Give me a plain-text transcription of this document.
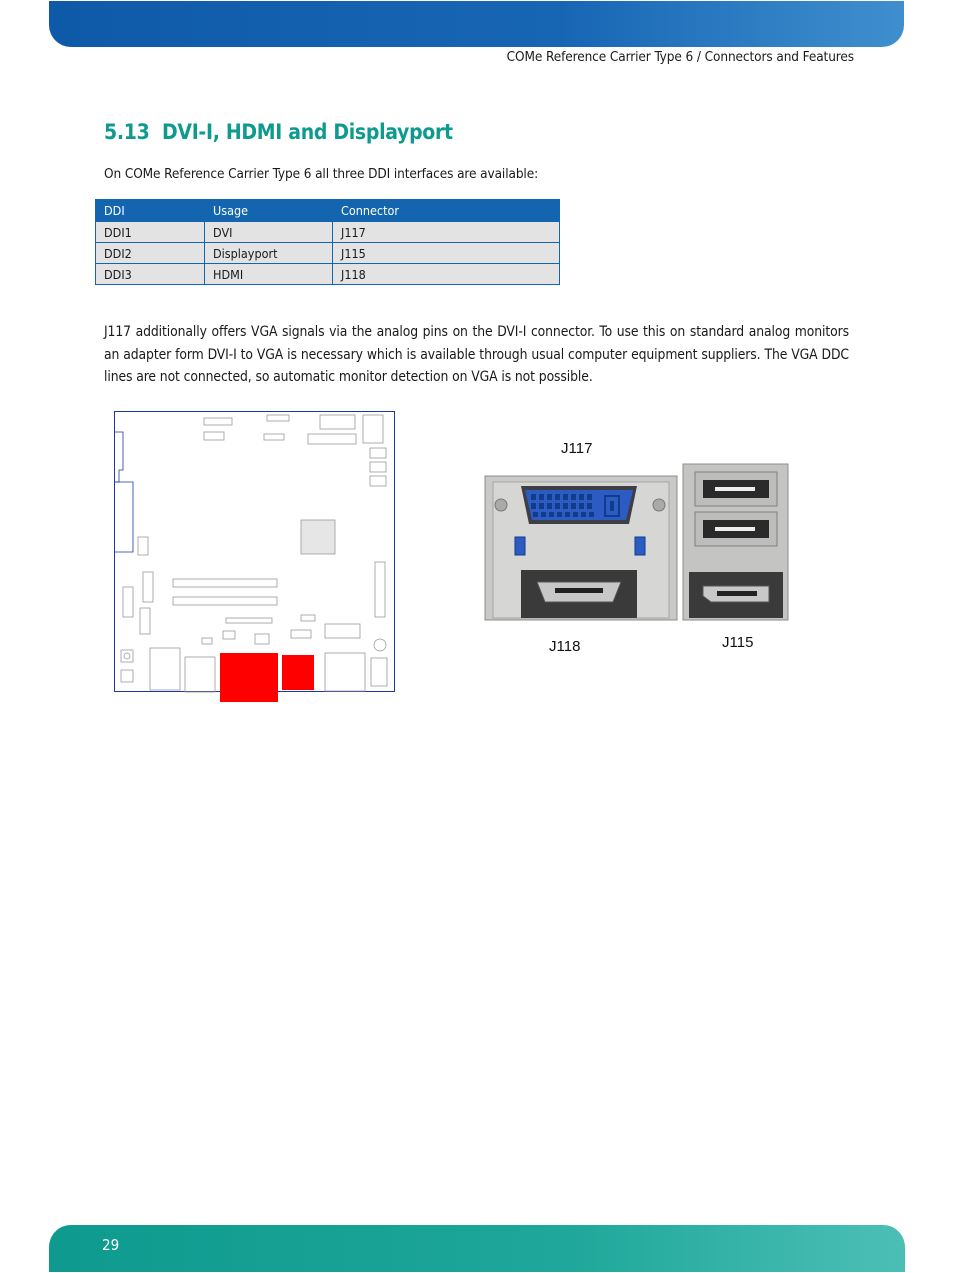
COMe Reference Carrier Type 6 / Connectors and Features
5.13 DVI-I, HDMI and Displayport
On COMe Reference Carrier Type 6 all three DDI interfaces are available:
DDI	Usage	Connector
DDI1	DVI	J117
DDI2	Displayport	J115
DDI3	HDMI	J118
J117 additionally offers VGA signals via the analog pins on the DVI-I connector. To use this on standard analog monitors an adapter form DVI-I to VGA is necessary which is available through usual computer equipment suppliers. The VGA DDC lines are not connected, so automatic monitor detection on VGA is not possible.
J117
J118	J115
29
